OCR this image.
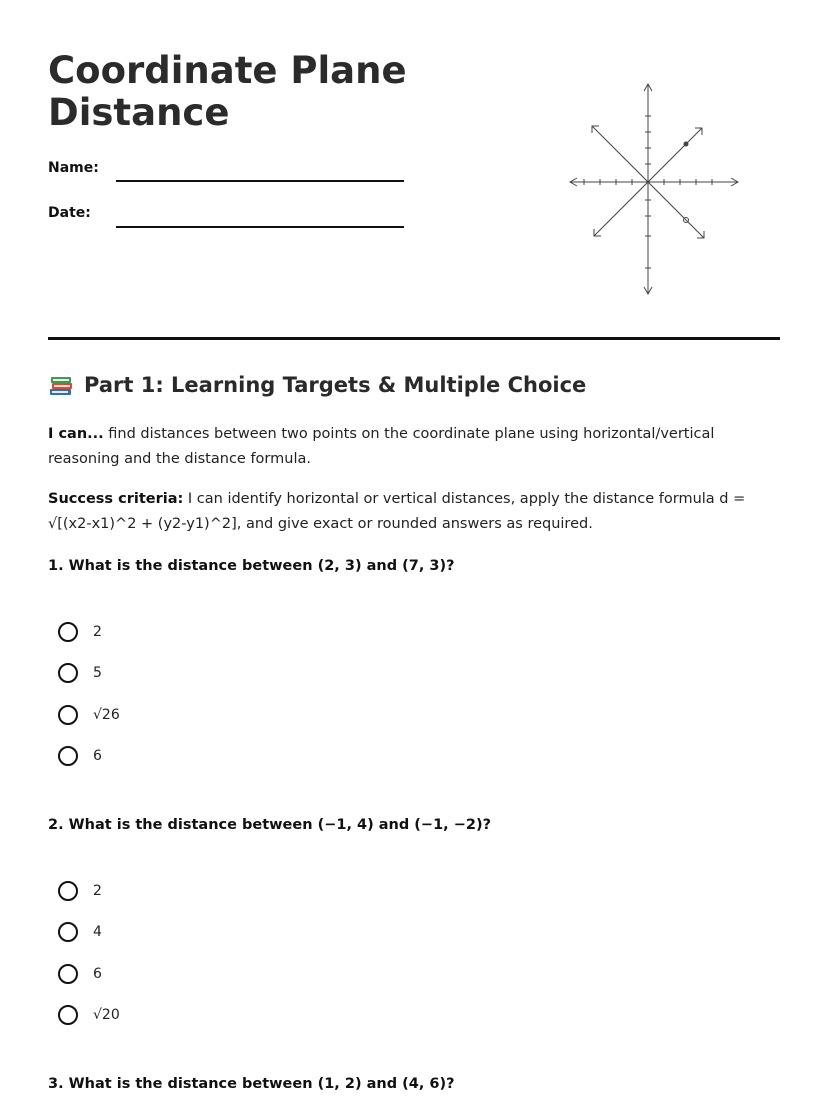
Coordinate Plane Distance
Name:
Date:
Part 1: Learning Targets & Multiple Choice

I can... find distances between two points on the coordinate plane using horizontal/vertical reasoning and the distance formula.

Success criteria: I can identify horizontal or vertical distances, apply the distance formula d = √[(x2-x1)^2 + (y2-y1)^2], and give exact or rounded answers as required.

1. What is the distance between (2, 3) and (7, 3)?

2
5
√26
6

2. What is the distance between (−1, 4) and (−1, −2)?

2
4
6
√20

3. What is the distance between (1, 2) and (4, 6)?
